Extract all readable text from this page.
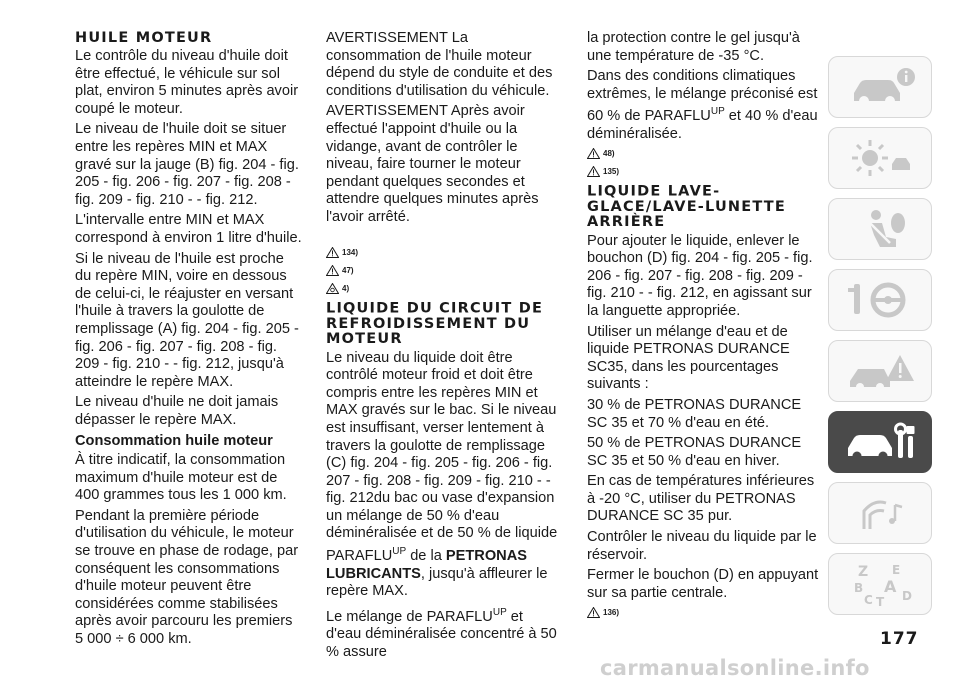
HUILE MOTEUR

Le contrôle du niveau d'huile doit être effectué, le véhicule sur sol plat, environ 5 minutes après avoir coupé le moteur.

Le niveau de l'huile doit se situer entre les repères MIN et MAX gravé sur la jauge (B) fig. 204 - fig. 205 - fig. 206 - fig. 207 - fig. 208 - fig. 209 - fig. 210 - - fig. 212.

L'intervalle entre MIN et MAX correspond à environ 1 litre d'huile.

Si le niveau de l'huile est proche du repère MIN, voire en dessous de celui-ci, le réajuster en versant l'huile à travers la goulotte de remplissage (A) fig. 204 - fig. 205 - fig. 206 - fig. 207 - fig. 208 - fig. 209 - fig. 210 - - fig. 212, jusqu'à atteindre le repère MAX.

Le niveau d'huile ne doit jamais dépasser le repère MAX.

Consommation huile moteur

À titre indicatif, la consommation maximum d'huile moteur est de 400 grammes tous les 1 000 km.

Pendant la première période d'utilisation du véhicule, le moteur se trouve en phase de rodage, par conséquent les consommations d'huile moteur peuvent être considérées comme stabilisées après avoir parcouru les premiers 5 000 ÷ 6 000 km.

AVERTISSEMENT La consommation de l'huile moteur dépend du style de conduite et des conditions d'utilisation du véhicule.

AVERTISSEMENT Après avoir effectué l'appoint d'huile ou la vidange, avant de contrôler le niveau, faire tourner le moteur pendant quelques secondes et attendre quelques minutes après l'avoir arrêté.

134)
47)
4)
LIQUIDE DU CIRCUIT DE REFROIDISSEMENT DU MOTEUR

Le niveau du liquide doit être contrôlé moteur froid et doit être compris entre les repères MIN et MAX gravés sur le bac. Si le niveau est insuffisant, verser lentement à travers la goulotte de remplissage (C) fig. 204 - fig. 205 - fig. 206 - fig. 207 - fig. 208 - fig. 209 - fig. 210 - - fig. 212du bac ou vase d'expansion un mélange de 50 % d'eau déminéralisée et de 50 % de liquide $PARAFLU^{UP}$ de la PETRONAS LUBRICANTS, jusqu'à affleurer le repère MAX.

Le mélange de $PARAFLU^{UP}$ et d'eau déminéralisée concentré à 50 % assure

la protection contre le gel jusqu'à une température de -35 °C.

Dans des conditions climatiques extrêmes, le mélange préconisé est 60 % de $PARAFLU^{UP}$ et 40 % d'eau déminéralisée.

48)
135)
LIQUIDE LAVE-GLACE/LAVE-LUNETTE ARRIÈRE

Pour ajouter le liquide, enlever le bouchon (D) fig. 204 - fig. 205 - fig. 206 - fig. 207 - fig. 208 - fig. 209 - fig. 210 - - fig. 212, en agissant sur la languette appropriée.

Utiliser un mélange d'eau et de liquide PETRONAS DURANCE SC35, dans les pourcentages suivants :

30 % de PETRONAS DURANCE SC 35 et 70 % d'eau en été.

50 % de PETRONAS DURANCE SC 35 et 50 % d'eau en hiver.

En cas de températures inférieures à -20 °C, utiliser du PETRONAS DURANCE SC 35 pur.

Contrôler le niveau du liquide par le réservoir.

Fermer le bouchon (D) en appuyant sur sa partie centrale.

136)
Z E
B A
C T D
177
carmanualsonline.info
